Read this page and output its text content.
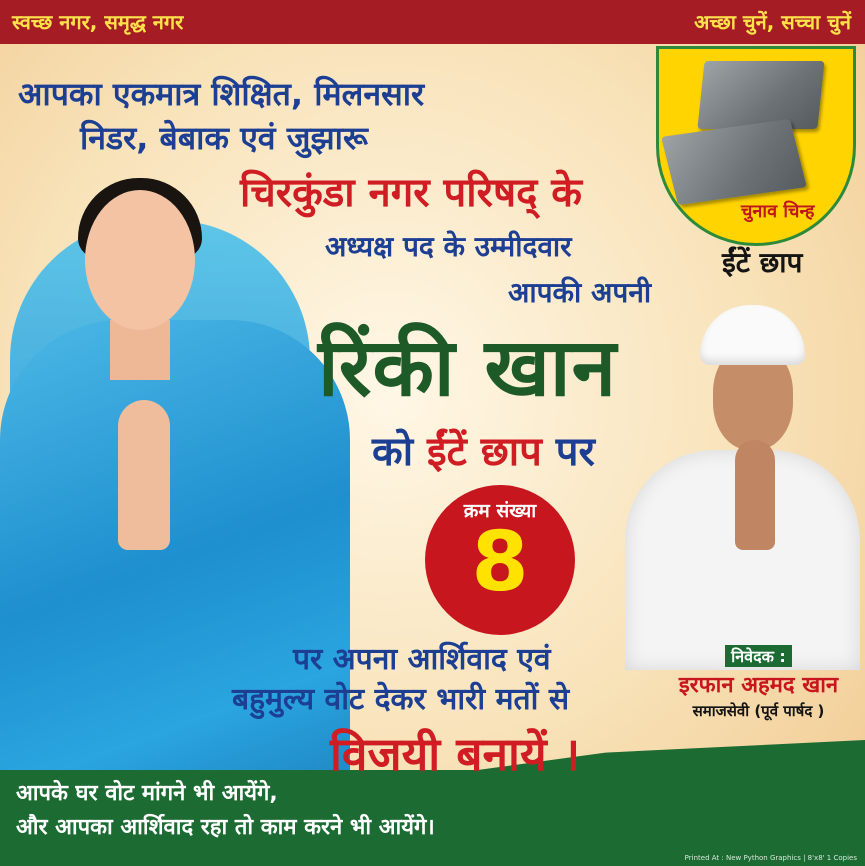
स्वच्छ नगर, समृद्ध नगर	अच्छा चुनें, सच्चा चुनें
चुनाव चिन्ह
ईंटें छाप
आपका एकमात्र शिक्षित, मिलनसार
निडर, बेबाक एवं जुझारू
चिरकुंडा नगर परिषद् के
अध्यक्ष पद के उम्मीदवार
आपकी अपनी
रिंकी खान
को ईंटें छाप पर
क्रम संख्या
8
पर अपना आर्शिवाद एवं
बहुमुल्य वोट देकर भारी मतों से
विजयी बनायें ।
निवेदक :
इरफान अहमद खान
समाजसेवी (पूर्व पार्षद )
आपके घर वोट मांगने भी आयेंगे,
और आपका आर्शिवाद रहा तो काम करने भी आयेंगे।
Printed At : New Python Graphics | 8'x8' 1 Copies
